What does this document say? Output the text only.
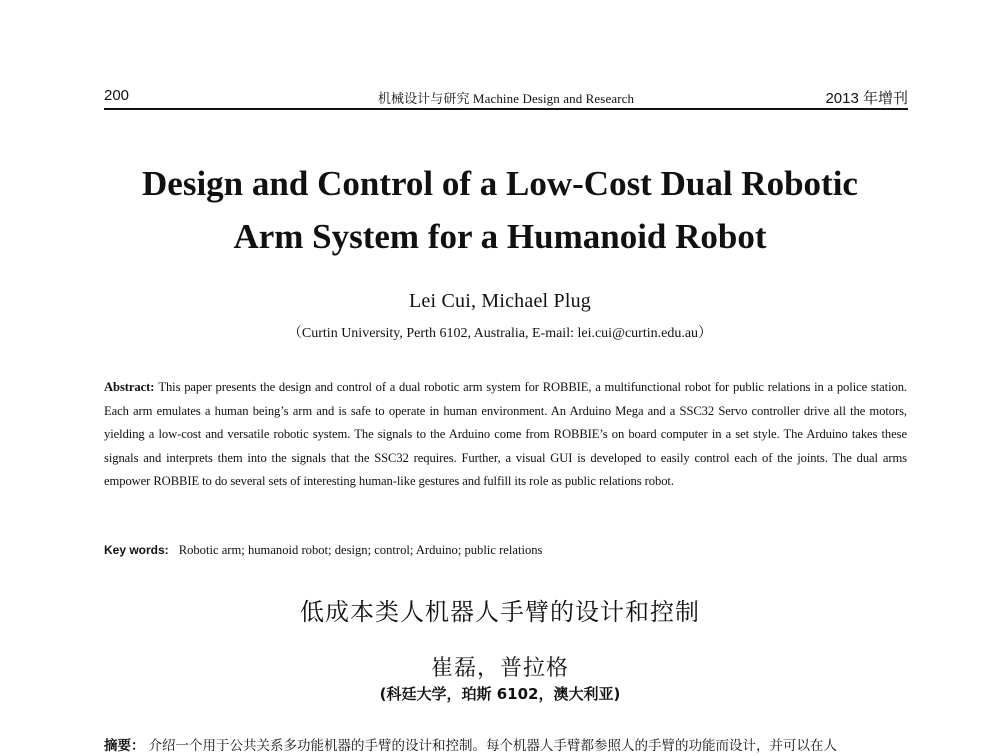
200	机械设计与研究 Machine Design and Research	2013 年增刊
Design and Control of a Low-Cost Dual Robotic
Arm System for a Humanoid Robot
Lei Cui, Michael Plug
（Curtin University, Perth 6102, Australia, E-mail: lei.cui@curtin.edu.au）
Abstract: This paper presents the design and control of a dual robotic arm system for ROBBIE, a multifunctional robot for public relations in a police station. Each arm emulates a human being’s arm and is safe to operate in human environment. An Arduino Mega and a SSC32 Servo controller drive all the motors, yielding a low-cost and versatile robotic system. The signals to the Arduino come from ROBBIE’s on board computer in a set style. The Arduino takes these signals and interprets them into the signals that the SSC32 requires. Further, a visual GUI is developed to easily control each of the joints. The dual arms empower ROBBIE to do several sets of interesting human-like gestures and fulfill its role as public relations robot.
Key words: Robotic arm; humanoid robot; design; control; Arduino; public relations
低成本类人机器人手臂的设计和控制
崔磊，普拉格
(科廷大学，珀斯 6102，澳大利亚)
摘要： 介绍一个用于公共关系多功能机器的手臂的设计和控制。每个机器人手臂都参照人的手臂的功能而设计，并可以在人
